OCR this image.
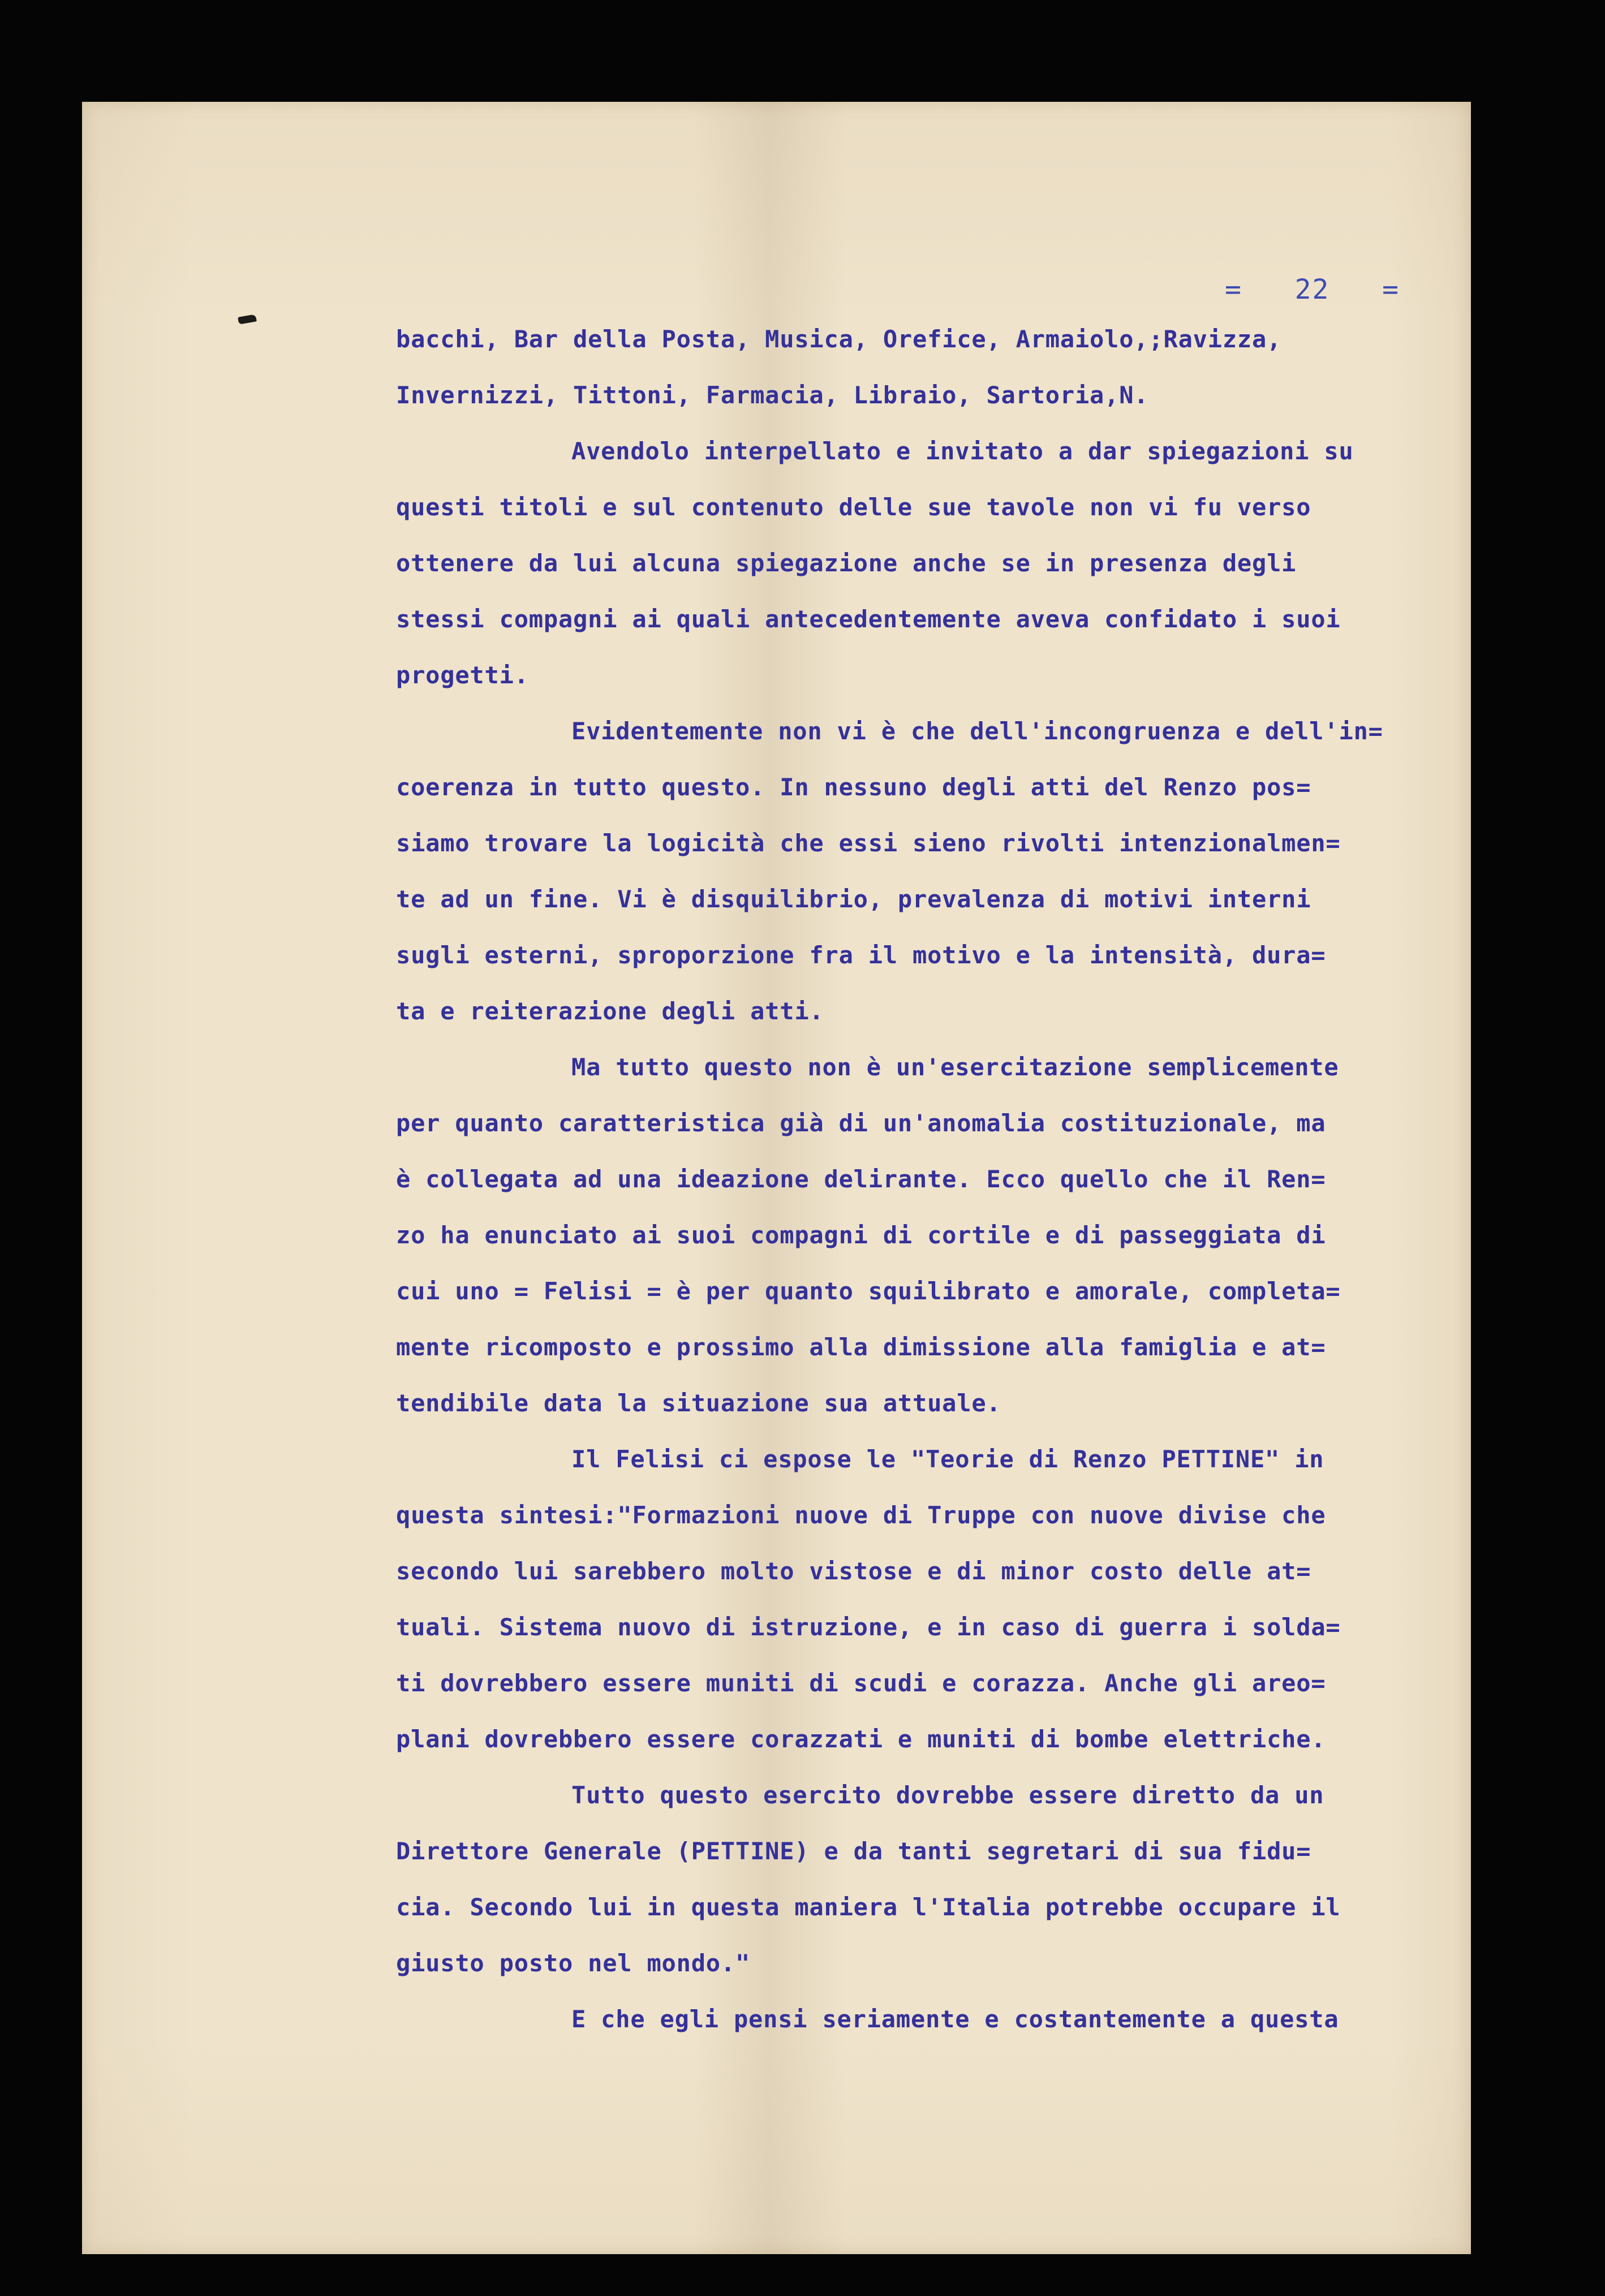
=   22   =
bacchi, Bar della Posta, Musica, Orefice, Armaiolo,;Ravizza,
Invernizzi, Tittoni, Farmacia, Libraio, Sartoria,N.
Avendolo interpellato e invitato a dar spiegazioni su
questi titoli e sul contenuto delle sue tavole non vi fu verso
ottenere da lui alcuna spiegazione anche se in presenza degli
stessi compagni ai quali antecedentemente aveva confidato i suoi
progetti.
Evidentemente non vi è che dell'incongruenza e dell'in=
coerenza in tutto questo. In nessuno degli atti del Renzo pos=
siamo trovare la logicità che essi sieno rivolti intenzionalmen=
te ad un fine. Vi è disquilibrio, prevalenza di motivi interni
sugli esterni, sproporzione fra il motivo e la intensità, dura=
ta e reiterazione degli atti.
Ma tutto questo non è un'esercitazione semplicemente
per quanto caratteristica già di un'anomalia costituzionale, ma
è collegata ad una ideazione delirante. Ecco quello che il Ren=
zo ha enunciato ai suoi compagni di cortile e di passeggiata di
cui uno = Felisi = è per quanto squilibrato e amorale, completa=
mente ricomposto e prossimo alla dimissione alla famiglia e at=
tendibile data la situazione sua attuale.
Il Felisi ci espose le "Teorie di Renzo PETTINE" in
questa sintesi:"Formazioni nuove di Truppe con nuove divise che
secondo lui sarebbero molto vistose e di minor costo delle at=
tuali. Sistema nuovo di istruzione, e in caso di guerra i solda=
ti dovrebbero essere muniti di scudi e corazza. Anche gli areo=
plani dovrebbero essere corazzati e muniti di bombe elettriche.
Tutto questo esercito dovrebbe essere diretto da un
Direttore Generale (PETTINE) e da tanti segretari di sua fidu=
cia. Secondo lui in questa maniera l'Italia potrebbe occupare il
giusto posto nel mondo."
E che egli pensi seriamente e costantemente a questa
